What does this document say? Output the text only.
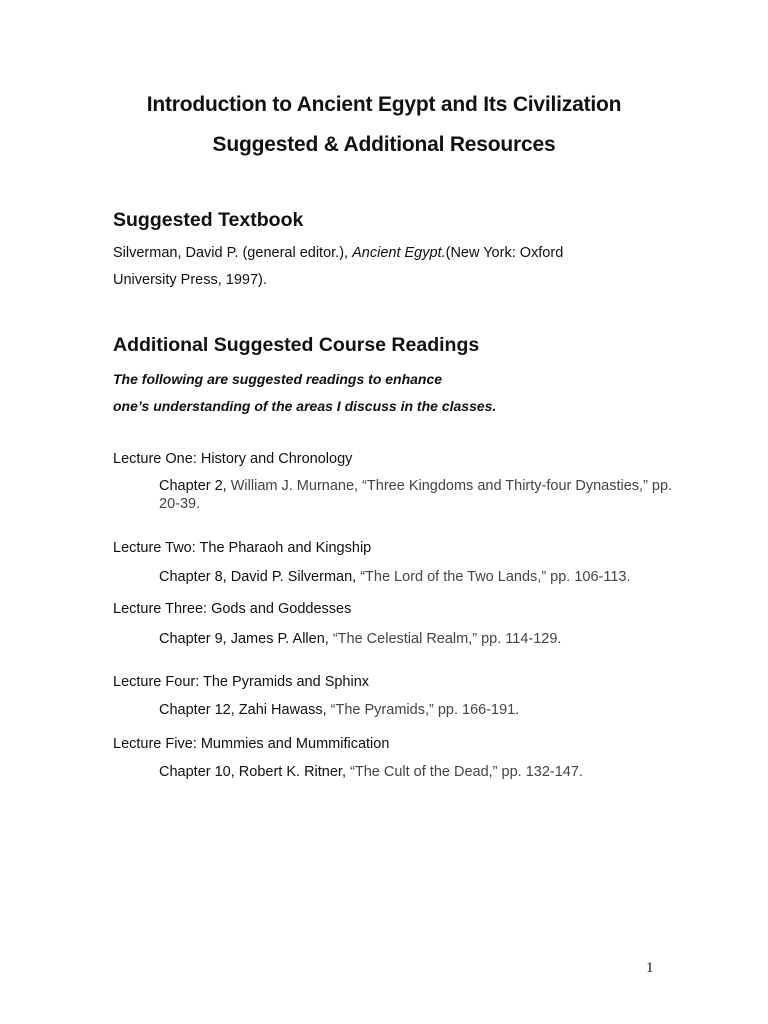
Introduction to Ancient Egypt and Its Civilization
Suggested & Additional Resources
Suggested Textbook
Silverman, David P. (general editor.), Ancient Egypt.(New York: Oxford
University Press, 1997).
Additional Suggested Course Readings
The following are suggested readings to enhance
one’s understanding of the areas I discuss in the classes.
Lecture One: History and Chronology
Chapter 2, William J. Murnane, “Three Kingdoms and Thirty-four Dynasties,” pp. 20-39.
Lecture Two: The Pharaoh and Kingship
Chapter 8, David P. Silverman, “The Lord of the Two Lands,” pp. 106-113.
Lecture Three: Gods and Goddesses
Chapter 9, James P. Allen, “The Celestial Realm,” pp. 114-129.
Lecture Four: The Pyramids and Sphinx
Chapter 12, Zahi Hawass, “The Pyramids,” pp. 166-191.
Lecture Five: Mummies and Mummification
Chapter 10, Robert K. Ritner, “The Cult of the Dead,” pp. 132-147.
1
